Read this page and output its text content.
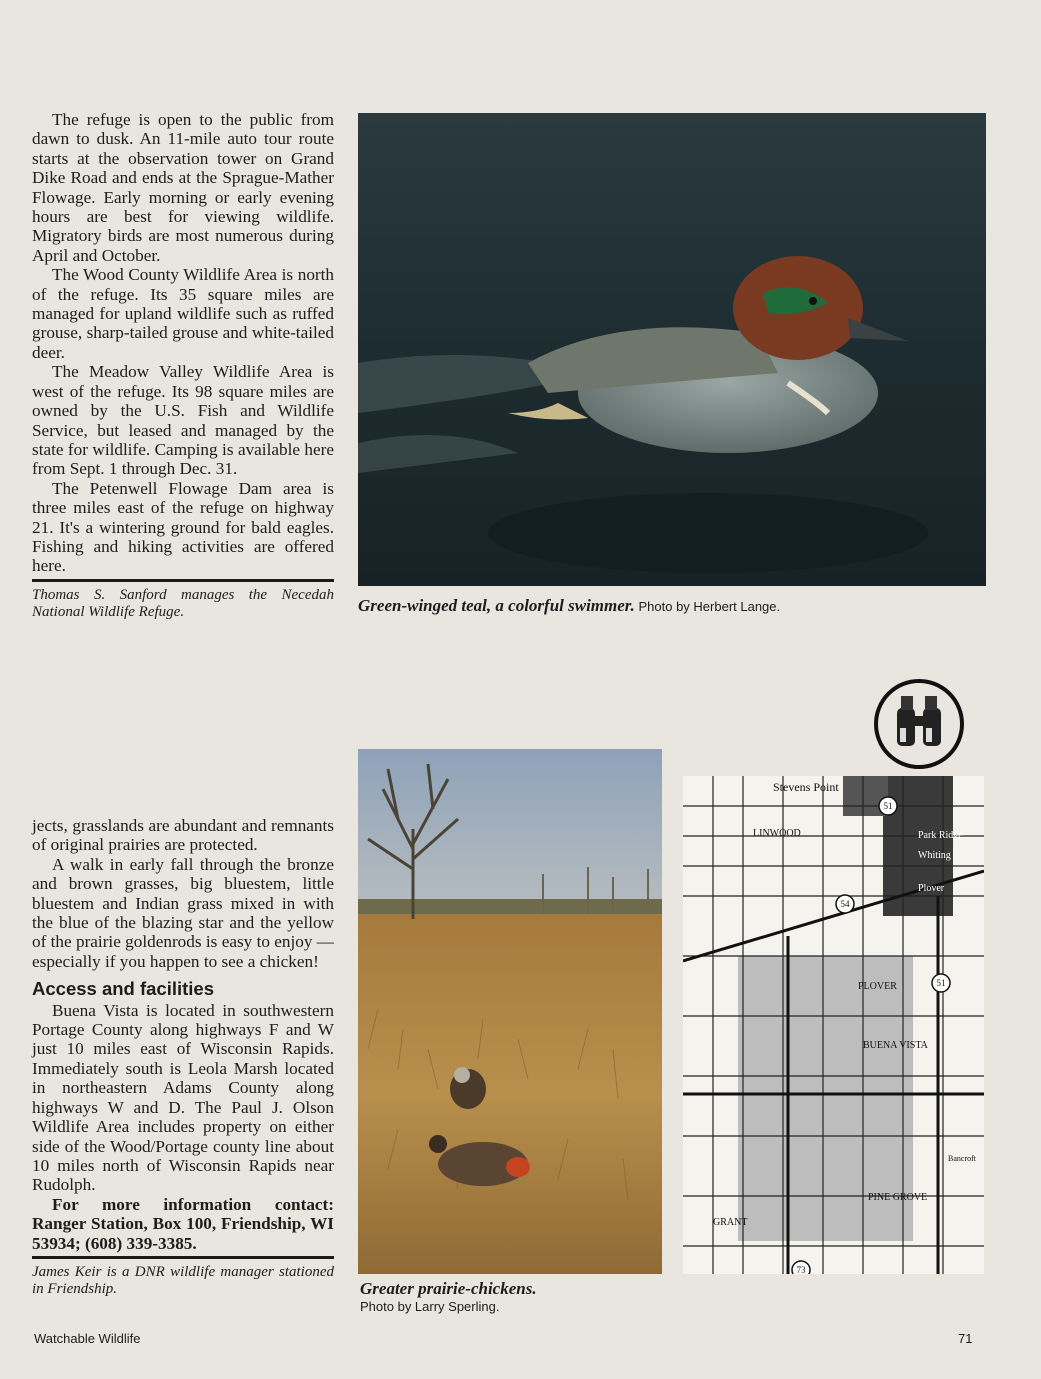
The refuge is open to the public from dawn to dusk. An 11-mile auto tour route starts at the observation tower on Grand Dike Road and ends at the Sprague-Mather Flowage. Early morning or early evening hours are best for viewing wildlife. Migratory birds are most numerous during April and October.

The Wood County Wildlife Area is north of the refuge. Its 35 square miles are managed for upland wildlife such as ruffed grouse, sharp-tailed grouse and white-tailed deer.

The Meadow Valley Wildlife Area is west of the refuge. Its 98 square miles are owned by the U.S. Fish and Wildlife Service, but leased and managed by the state for wildlife. Camping is available here from Sept. 1 through Dec. 31.

The Petenwell Flowage Dam area is three miles east of the refuge on highway 21. It's a wintering ground for bald eagles. Fishing and hiking activities are offered here.

Thomas S. Sanford manages the Necedah National Wildlife Refuge.	Green-winged teal, a colorful swimmer. Photo by Herbert Lange.

jects, grasslands are abundant and remnants of original prairies are protected.

A walk in early fall through the bronze and brown grasses, big bluestem, little bluestem and Indian grass mixed in with the blue of the blazing star and the yellow of the prairie goldenrods is easy to enjoy — especially if you happen to see a chicken!

Access and facilities

Buena Vista is located in southwestern Portage County along highways F and W just 10 miles east of Wisconsin Rapids. Immediately south is Leola Marsh located in northeastern Adams County along highways W and D. The Paul J. Olson Wildlife Area includes property on either side of the Wood/Portage county line about 10 miles north of Wisconsin Rapids near Rudolph.

For more information contact: Ranger Station, Box 100, Friendship, WI 53934; (608) 339-3385.

James Keir is a DNR wildlife manager stationed in Friendship.	Greater prairie-chickens.
Photo by Larry Sperling.
Stevens Point
LINWOOD	Park Ridge
Whiting
Plover
PLOVER
BUENA VISTA
Bancroft
PINE GROVE
GRANT
51
54
51
73
Watchable Wildlife	71
